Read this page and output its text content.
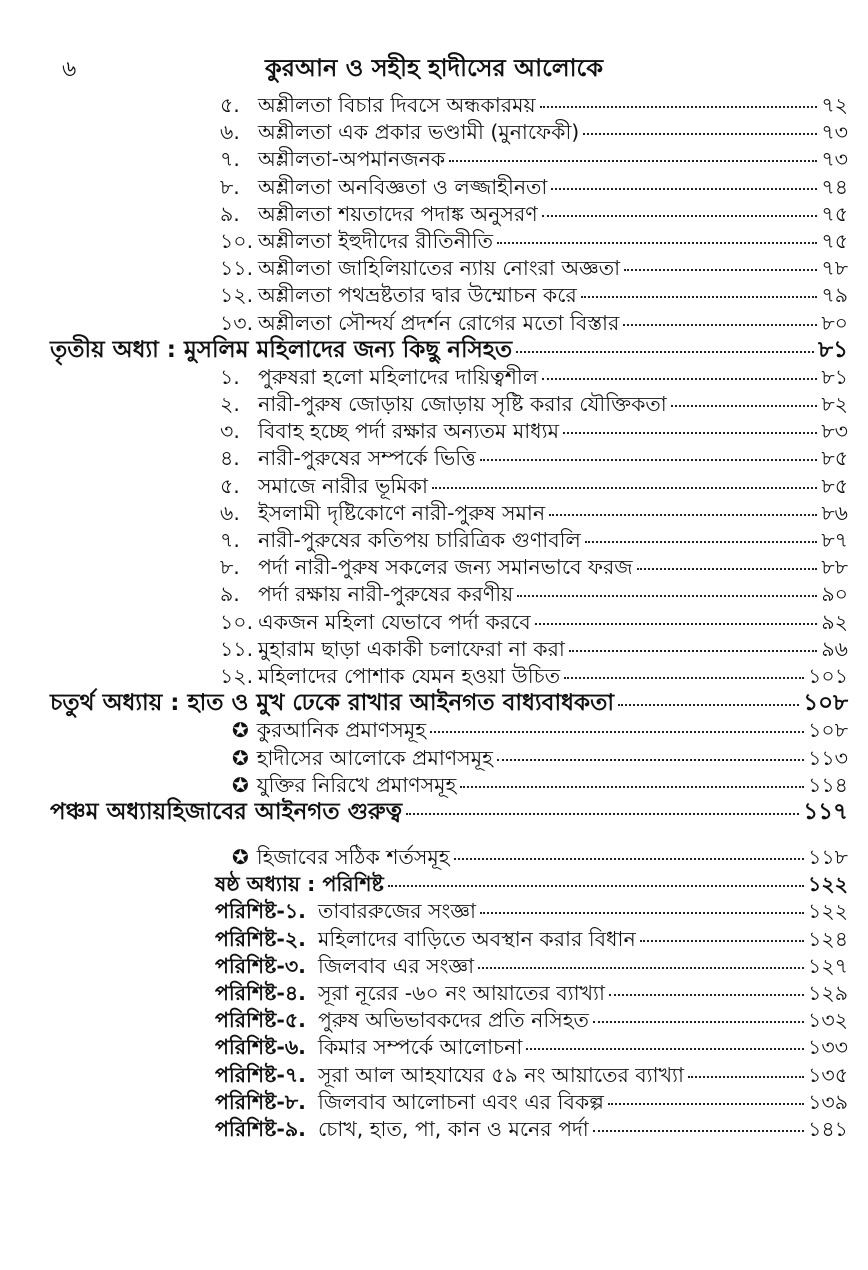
৬	কুরআন ও সহীহ হাদীসের আলোকে
৫. অশ্লীলতা বিচার দিবসে অন্ধকারময়	৭২
৬. অশ্লীলতা এক প্রকার ভণ্ডামী (মুনাফেকী)	৭৩
৭. অশ্লীলতা-অপমানজনক	৭৩
৮. অশ্লীলতা অনবিজ্ঞতা ও লজ্জাহীনতা	৭৪
৯. অশ্লীলতা শয়তাদের পদাঙ্ক অনুসরণ	৭৫
১০. অশ্লীলতা ইহুদীদের রীতিনীতি	৭৫
১১. অশ্লীলতা জাহিলিয়াতের ন্যায় নোংরা অজ্ঞতা	৭৮
১২. অশ্লীলতা পথভ্রষ্টতার দ্বার উম্মোচন করে	৭৯
১৩. অশ্লীলতা সৌন্দর্য প্রদর্শন রোগের মতো বিস্তার	৮০
তৃতীয় অধ্যা : মুসলিম মহিলাদের জন্য কিছু নসিহত	৮১
১. পুরুষরা হলো মহিলাদের দায়িত্বশীল	৮১
২. নারী-পুরুষ জোড়ায় জোড়ায় সৃষ্টি করার যৌক্তিকতা	৮২
৩. বিবাহ হচ্ছে পর্দা রক্ষার অন্যতম মাধ্যম	৮৩
৪. নারী-পুরুষের সম্পর্কে ভিত্তি	৮৫
৫. সমাজে নারীর ভূমিকা	৮৫
৬. ইসলামী দৃষ্টিকোণে নারী-পুরুষ সমান	৮৬
৭. নারী-পুরুষের কতিপয় চারিত্রিক গুণাবলি	৮৭
৮. পর্দা নারী-পুরুষ সকলের জন্য সমানভাবে ফরজ	৮৮
৯. পর্দা রক্ষায় নারী-পুরুষের করণীয়	৯০
১০. একজন মহিলা যেভাবে পর্দা করবে	৯২
১১. মুহারাম ছাড়া একাকী চলাফেরা না করা	৯৬
১২. মহিলাদের পোশাক যেমন হওয়া উচিত	১০১
চতুর্থ অধ্যায় : হাত ও মুখ ঢেকে রাখার আইনগত বাধ্যবাধকতা	১০৮
✪ কুরআনিক প্রমাণসমূহ	১০৮
✪ হাদীসের আলোকে প্রমাণসমূহ	১১৩
✪ যুক্তির নিরিখে প্রমাণসমূহ	১১৪
পঞ্চম অধ্যায়হিজাবের আইনগত গুরুত্ব	১১৭
✪ হিজাবের সঠিক শর্তসমূহ	১১৮
ষষ্ঠ অধ্যায় : পরিশিষ্ট	১২২
পরিশিষ্ট-১. তাবাররুজের সংজ্ঞা	১২২
পরিশিষ্ট-২. মহিলাদের বাড়িতে অবস্থান করার বিধান	১২৪
পরিশিষ্ট-৩. জিলবাব এর সংজ্ঞা	১২৭
পরিশিষ্ট-৪. সূরা নূরের -৬০ নং আয়াতের ব্যাখ্যা	১২৯
পরিশিষ্ট-৫. পুরুষ অভিভাবকদের প্রতি নসিহত	১৩২
পরিশিষ্ট-৬. কিমার সম্পর্কে আলোচনা	১৩৩
পরিশিষ্ট-৭. সূরা আল আহযাযের ৫৯ নং আয়াতের ব্যাখ্যা	১৩৫
পরিশিষ্ট-৮. জিলবাব আলোচনা এবং এর বিকল্প	১৩৯
পরিশিষ্ট-৯. চোখ, হাত, পা, কান ও মনের পর্দা	১৪১
